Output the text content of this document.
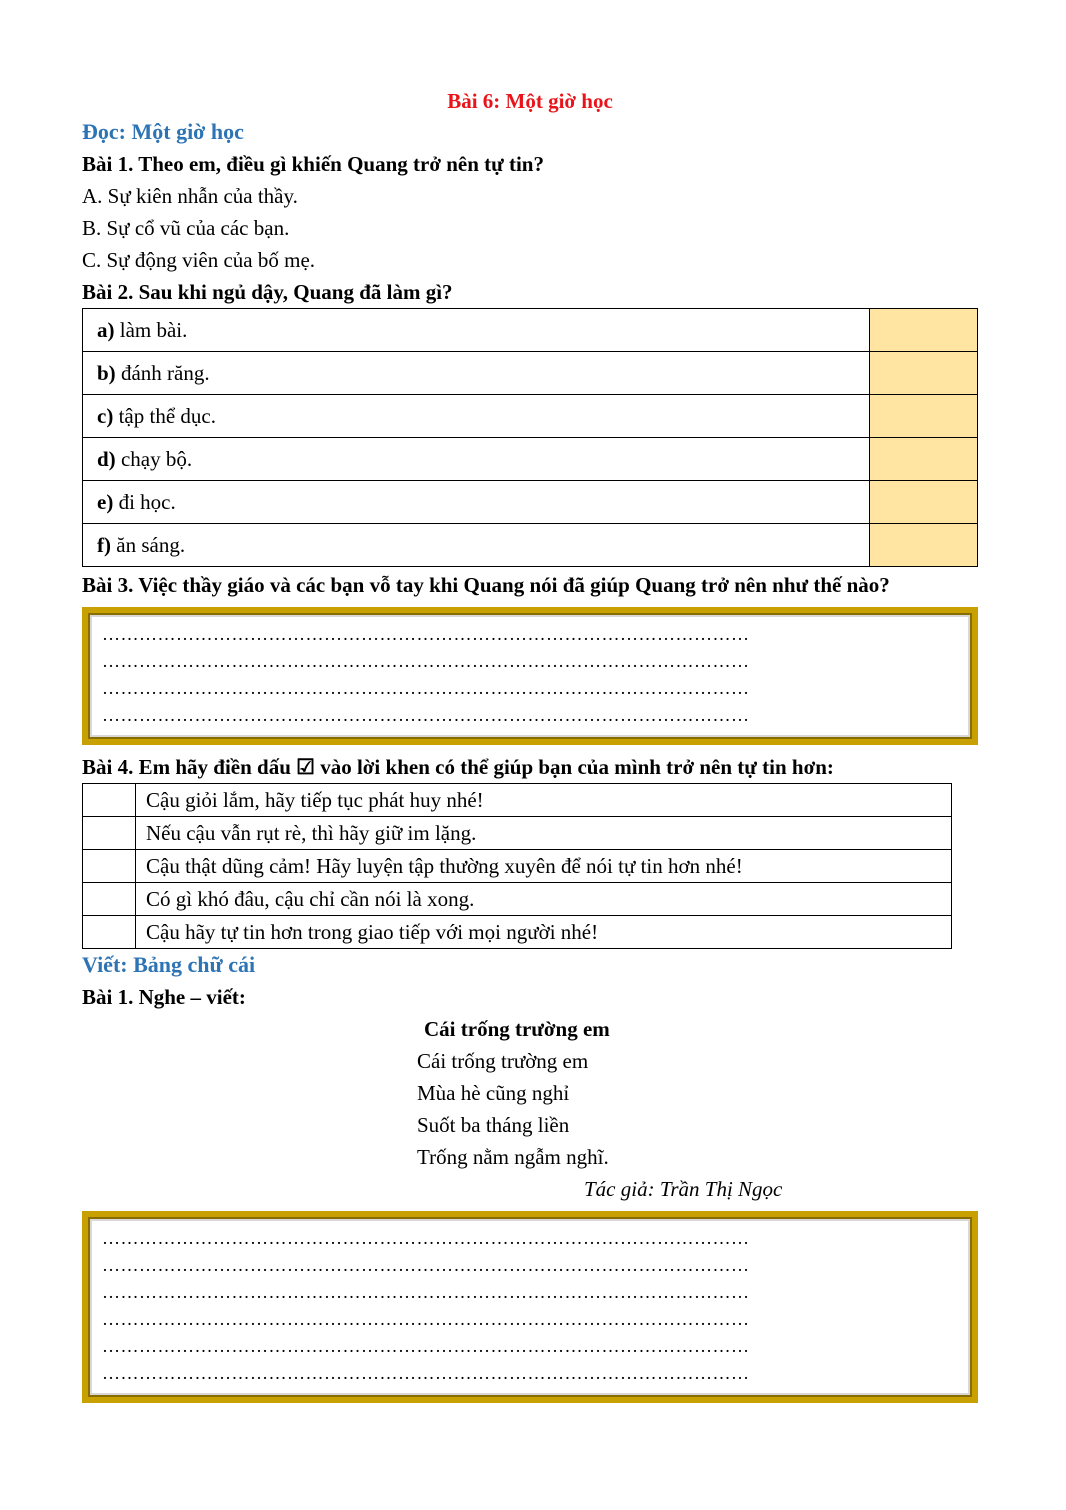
Bài 6: Một giờ học
Đọc: Một giờ học
Bài 1. Theo em, điều gì khiến Quang trở nên tự tin?
A. Sự kiên nhẫn của thầy.
B. Sự cổ vũ của các bạn.
C. Sự động viên của bố mẹ.
Bài 2. Sau khi ngủ dậy, Quang đã làm gì?
a) làm bài.	
b) đánh răng.	
c) tập thể dục.	
d) chạy bộ.	
e) đi học.	
f) ăn sáng.	
Bài 3. Việc thầy giáo và các bạn vỗ tay khi Quang nói đã giúp Quang trở nên như thế nào?
……………………………………………………………………………………………
……………………………………………………………………………………………
……………………………………………………………………………………………
……………………………………………………………………………………………
Bài 4. Em hãy điền dấu ☑ vào lời khen có thể giúp bạn của mình trở nên tự tin hơn:
	Cậu giỏi lắm, hãy tiếp tục phát huy nhé!
	Nếu cậu vẫn rụt rè, thì hãy giữ im lặng.
	Cậu thật dũng cảm! Hãy luyện tập thường xuyên để nói tự tin hơn nhé!
	Có gì khó đâu, cậu chỉ cần nói là xong.
	Cậu hãy tự tin hơn trong giao tiếp với mọi người nhé!
Viết: Bảng chữ cái
Bài 1. Nghe – viết:
Cái trống trường em
Cái trống trường em
Mùa hè cũng nghỉ
Suốt ba tháng liền
Trống nằm ngẫm nghĩ.
Tác giả: Trần Thị Ngọc
……………………………………………………………………………………………
……………………………………………………………………………………………
……………………………………………………………………………………………
……………………………………………………………………………………………
……………………………………………………………………………………………
……………………………………………………………………………………………
